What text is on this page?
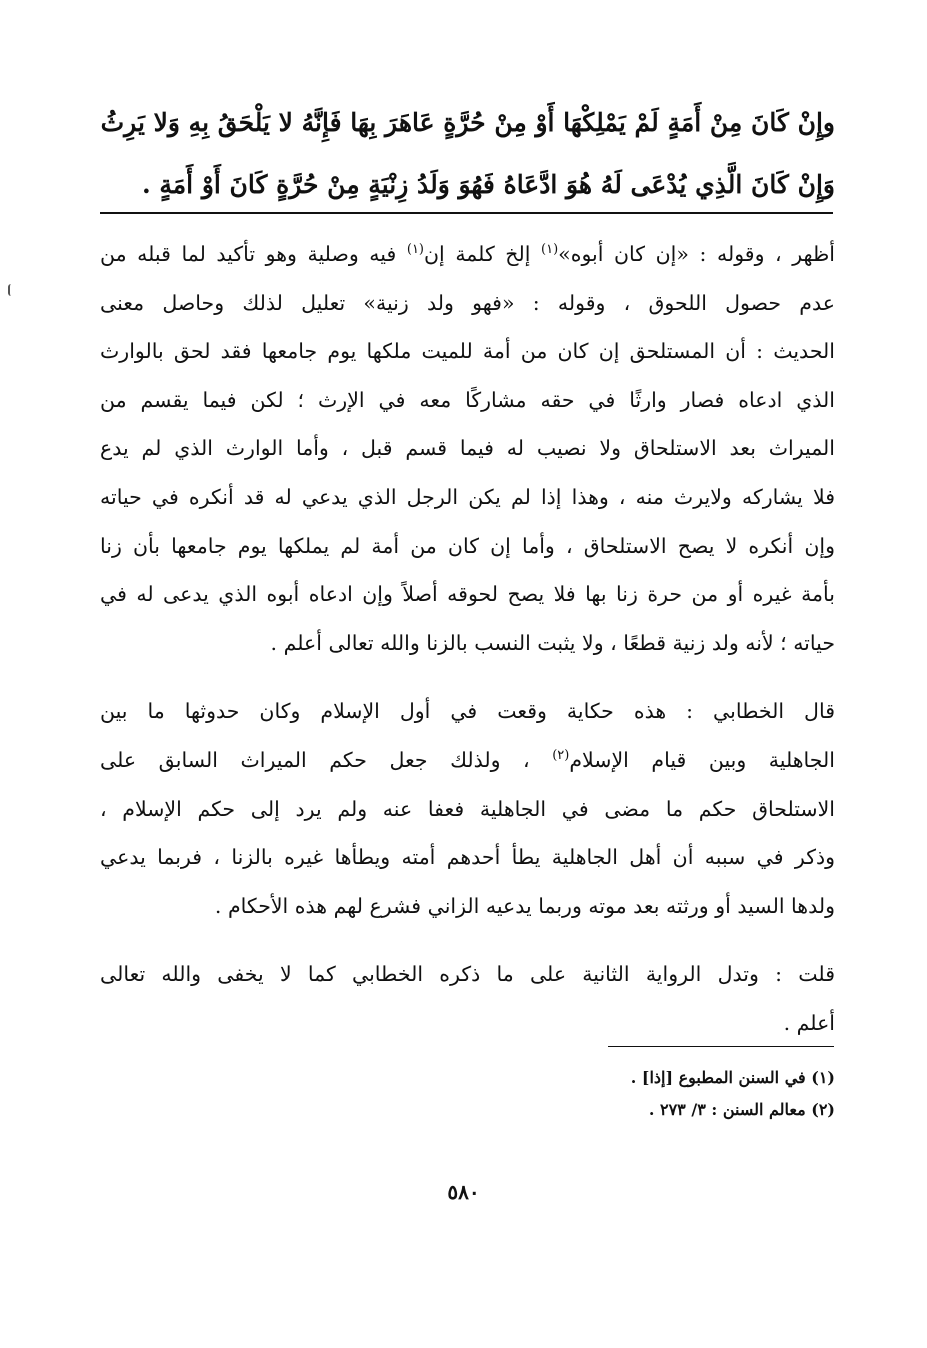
وإِنْ كَانَ مِنْ أَمَةٍ لَمْ يَمْلِكْهَا أَوْ مِنْ حُرَّةٍ عَاهَرَ بِهَا فَإِنَّهُ لا يَلْحَقُ بِهِ وَلا يَرِثُ

وَإِنْ كَانَ الَّذِي يُدْعَى لَهُ هُوَ ادَّعَاهُ فَهُوَ وَلَدُ زِنْيَةٍ مِنْ حُرَّةٍ كَانَ أَوْ أَمَةٍ .

أظهر ، وقوله : «إن كان أبوه»$^{(١)}$ إلخ كلمة إن$^{(١)}$ فيه وصلية وهو تأكيد لما قبله من
عدم حصول اللحوق ، وقوله : «فهو ولد زنية» تعليل لذلك وحاصل معنى
الحديث : أن المستلحق إن كان من أمة للميت ملكها يوم جامعها فقد لحق بالوارث
الذي ادعاه فصار وارثًا في حقه مشاركًا معه في الإرث ؛ لكن فيما يقسم من
الميراث بعد الاستلحاق ولا نصيب له فيما قسم قبل ، وأما الوارث الذي لم يدع
فلا يشاركه ولايرث منه ، وهذا إذا لم يكن الرجل الذي يدعي له قد أنكره في حياته
وإن أنكره لا يصح الاستلحاق ، وأما إن كان من أمة لم يملكها يوم جامعها بأن زنا
بأمة غيره أو من حرة زنا بها فلا يصح لحوقه أصلاً وإن ادعاه أبوه الذي يدعى له في
حياته ؛ لأنه ولد زنية قطعًا ، ولا يثبت النسب بالزنا والله تعالى أعلم .
قال الخطابي : هذه حكاية وقعت في أول الإسلام وكان حدوثها ما بين
الجاهلية وبين قيام الإسلام$^{(٢)}$ ، ولذلك جعل حكم الميراث السابق على
الاستلحاق حكم ما مضى في الجاهلية فعفا عنه ولم يرد إلى حكم الإسلام ،
وذكر في سببه أن أهل الجاهلية يطأ أحدهم أمته ويطأها غيره بالزنا ، فربما يدعي
ولدها السيد أو ورثته بعد موته وربما يدعيه الزاني فشرع لهم هذه الأحكام .
قلت : وتدل الرواية الثانية على ما ذكره الخطابي كما لا يخفى والله تعالى
أعلم .
(١) في السنن المطبوع [إذا] .
(٢) معالم السنن : ٣/ ٢٧٣ .
٥٨٠
